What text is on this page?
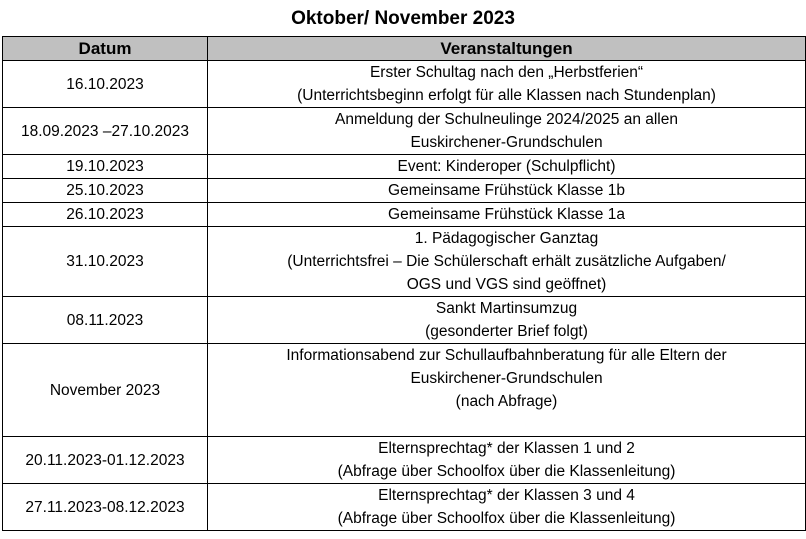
Oktober/ November 2023
Datum	Veranstaltungen
16.10.2023	Erster Schultag nach den „Herbstferien“
(Unterrichtsbeginn erfolgt für alle Klassen nach Stundenplan)

18.09.2023 –27.10.2023	Anmeldung der Schulneulinge 2024/2025 an allen
Euskirchener-Grundschulen

19.10.2023	Event: Kinderoper (Schulpflicht)

25.10.2023	Gemeinsame Frühstück Klasse 1b

26.10.2023	Gemeinsame Frühstück Klasse 1a

31.10.2023	1. Pädagogischer Ganztag
(Unterrichtsfrei – Die Schülerschaft erhält zusätzliche Aufgaben/
OGS und VGS sind geöffnet)

08.11.2023	Sankt Martinsumzug
(gesonderter Brief folgt)

November 2023	Informationsabend zur Schullaufbahnberatung für alle Eltern der
Euskirchener-Grundschulen
(nach Abfrage)

20.11.2023-01.12.2023	Elternsprechtag* der Klassen 1 und 2
(Abfrage über Schoolfox über die Klassenleitung)

27.11.2023-08.12.2023	Elternsprechtag* der Klassen 3 und 4
(Abfrage über Schoolfox über die Klassenleitung)
